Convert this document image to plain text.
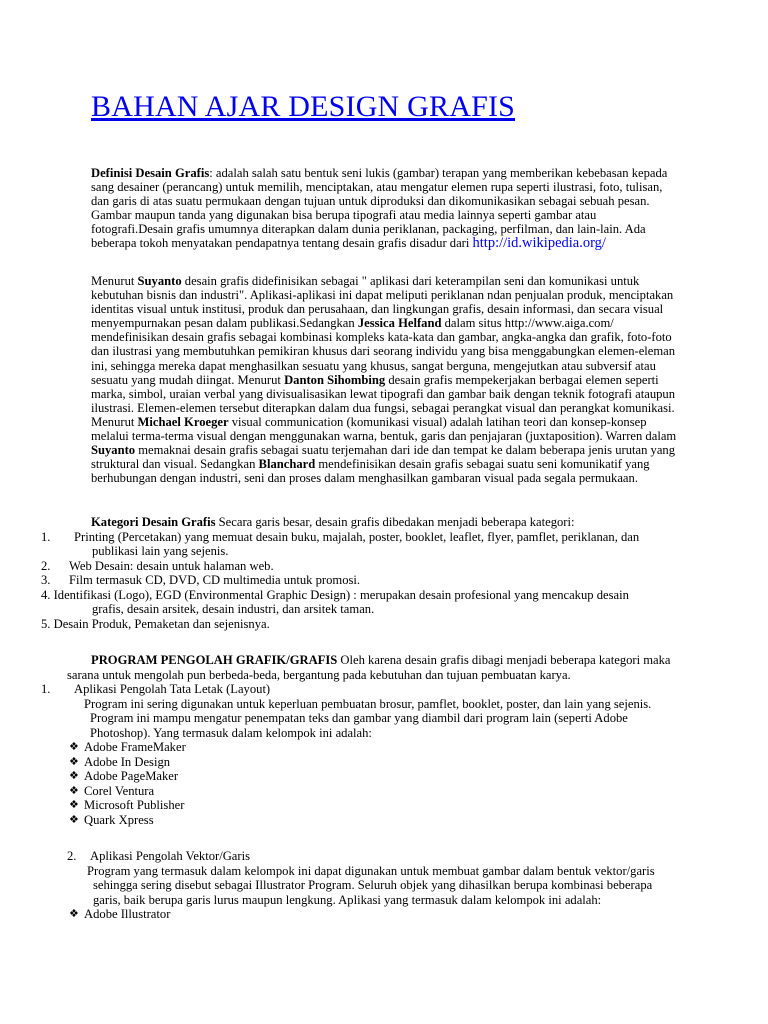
BAHAN AJAR DESIGN GRAFIS
Definisi Desain Grafis: adalah salah satu bentuk seni lukis (gambar) terapan yang memberikan kebebasan kepada
sang desainer (perancang) untuk memilih, menciptakan, atau mengatur elemen rupa seperti ilustrasi, foto, tulisan,
dan garis di atas suatu permukaan dengan tujuan untuk diproduksi dan dikomunikasikan sebagai sebuah pesan.
Gambar maupun tanda yang digunakan bisa berupa tipografi atau media lainnya seperti gambar atau
fotografi.Desain grafis umumnya diterapkan dalam dunia periklanan, packaging, perfilman, dan lain-lain. Ada
beberapa tokoh menyatakan pendapatnya tentang desain grafis disadur dari http://id.wikipedia.org/
Menurut Suyanto desain grafis didefinisikan sebagai " aplikasi dari keterampilan seni dan komunikasi untuk
kebutuhan bisnis dan industri". Aplikasi-aplikasi ini dapat meliputi periklanan ndan penjualan produk, menciptakan
identitas visual untuk institusi, produk dan perusahaan, dan lingkungan grafis, desain informasi, dan secara visual
menyempurnakan pesan dalam publikasi.Sedangkan Jessica Helfand dalam situs http://www.aiga.com/
mendefinisikan desain grafis sebagai kombinasi kompleks kata-kata dan gambar, angka-angka dan grafik, foto-foto
dan ilustrasi yang membutuhkan pemikiran khusus dari seorang individu yang bisa menggabungkan elemen-eleman
ini, sehingga mereka dapat menghasilkan sesuatu yang khusus, sangat berguna, mengejutkan atau subversif atau
sesuatu yang mudah diingat. Menurut Danton Sihombing desain grafis mempekerjakan berbagai elemen seperti
marka, simbol, uraian verbal yang divisualisasikan lewat tipografi dan gambar baik dengan teknik fotografi ataupun
ilustrasi. Elemen-elemen tersebut diterapkan dalam dua fungsi, sebagai perangkat visual dan perangkat komunikasi.
Menurut Michael Kroeger visual communication (komunikasi visual) adalah latihan teori dan konsep-konsep
melalui terma-terma visual dengan menggunakan warna, bentuk, garis dan penjajaran (juxtaposition). Warren dalam
Suyanto memaknai desain grafis sebagai suatu terjemahan dari ide dan tempat ke dalam beberapa jenis urutan yang
struktural dan visual. Sedangkan Blanchard mendefinisikan desain grafis sebagai suatu seni komunikatif yang
berhubungan dengan industri, seni dan proses dalam menghasilkan gambaran visual pada segala permukaan.
Kategori Desain Grafis Secara garis besar, desain grafis dibedakan menjadi beberapa kategori:
1. Printing (Percetakan) yang memuat desain buku, majalah, poster, booklet, leaflet, flyer, pamflet, periklanan, dan
publikasi lain yang sejenis.
2. Web Desain: desain untuk halaman web.
3. Film termasuk CD, DVD, CD multimedia untuk promosi.
4. Identifikasi (Logo), EGD (Environmental Graphic Design) : merupakan desain profesional yang mencakup desain
grafis, desain arsitek, desain industri, dan arsitek taman.
5. Desain Produk, Pemaketan dan sejenisnya.
PROGRAM PENGOLAH GRAFIK/GRAFIS Oleh karena desain grafis dibagi menjadi beberapa kategori maka
sarana untuk mengolah pun berbeda-beda, bergantung pada kebutuhan dan tujuan pembuatan karya.
1. Aplikasi Pengolah Tata Letak (Layout)
Program ini sering digunakan untuk keperluan pembuatan brosur, pamflet, booklet, poster, dan lain yang sejenis.
Program ini mampu mengatur penempatan teks dan gambar yang diambil dari program lain (seperti Adobe
Photoshop). Yang termasuk dalam kelompok ini adalah:
❖ Adobe FrameMaker
❖ Adobe In Design
❖ Adobe PageMaker
❖ Corel Ventura
❖ Microsoft Publisher
❖ Quark Xpress
2. Aplikasi Pengolah Vektor/Garis
Program yang termasuk dalam kelompok ini dapat digunakan untuk membuat gambar dalam bentuk vektor/garis
sehingga sering disebut sebagai Illustrator Program. Seluruh objek yang dihasilkan berupa kombinasi beberapa
garis, baik berupa garis lurus maupun lengkung. Aplikasi yang termasuk dalam kelompok ini adalah:
❖ Adobe Illustrator
